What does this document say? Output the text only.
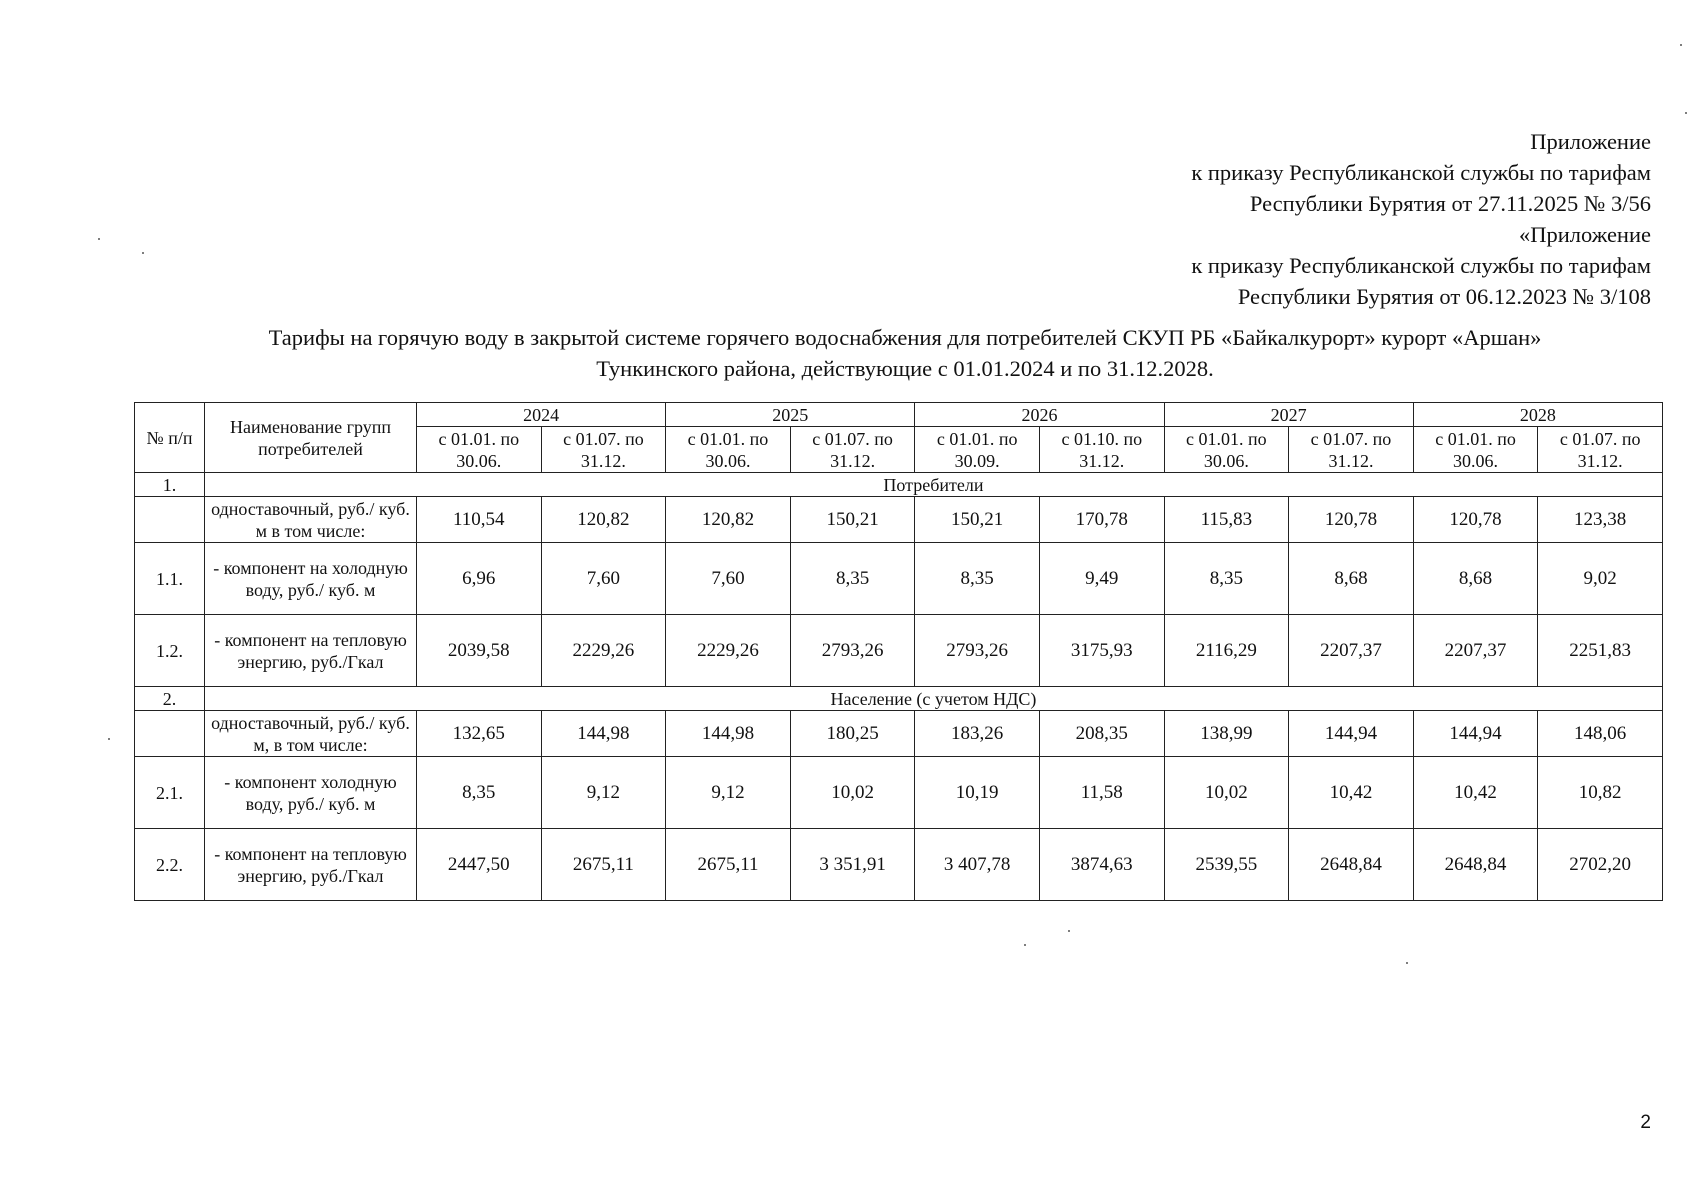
Приложение
к приказу Республиканской службы по тарифам
Республики Бурятия от 27.11.2025 № 3/56
«Приложение
к приказу Республиканской службы по тарифам
Республики Бурятия от 06.12.2023 № 3/108
Тарифы на горячую воду в закрытой системе горячего водоснабжения для потребителей СКУП РБ «Байкалкурорт» курорт «Аршан»
Тункинского района, действующие с 01.01.2024 и по 31.12.2028.
№ п/п	Наименование групп потребителей	2024		2025		2026		2027		2028	
		с 01.01. по 30.06.	с 01.07. по 31.12.	с 01.01. по 30.06.	с 01.07. по 31.12.	с 01.01. по 30.09.	с 01.10. по 31.12.	с 01.01. по 30.06.	с 01.07. по 31.12.	с 01.01. по 30.06.	с 01.07. по 31.12.
1.	Потребители										
	одноставочный, руб./ куб. м в том числе:	110,54	120,82	120,82	150,21	150,21	170,78	115,83	120,78	120,78	123,38
1.1.	- компонент на холодную воду, руб./ куб. м	6,96	7,60	7,60	8,35	8,35	9,49	8,35	8,68	8,68	9,02
1.2.	- компонент на тепловую энергию, руб./Гкал	2039,58	2229,26	2229,26	2793,26	2793,26	3175,93	2116,29	2207,37	2207,37	2251,83
2.	Население (с учетом НДС)										
	одноставочный, руб./ куб. м, в том числе:	132,65	144,98	144,98	180,25	183,26	208,35	138,99	144,94	144,94	148,06
2.1.	- компонент холодную воду, руб./ куб. м	8,35	9,12	9,12	10,02	10,19	11,58	10,02	10,42	10,42	10,82
2.2.	- компонент на тепловую энергию, руб./Гкал	2447,50	2675,11	2675,11	3 351,91	3 407,78	3874,63	2539,55	2648,84	2648,84	2702,20
2
